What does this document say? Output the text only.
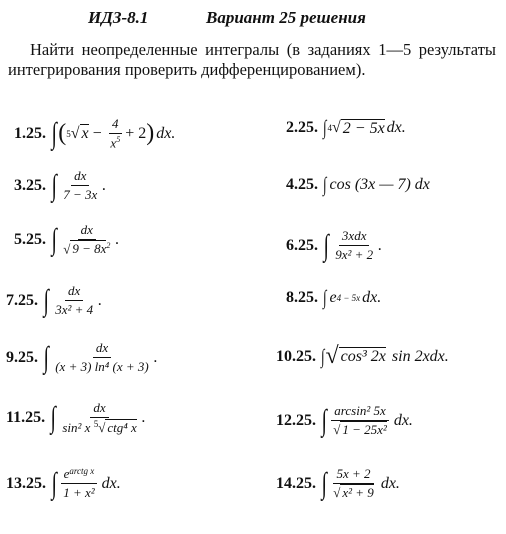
ИДЗ-8.1	Вариант 25 решения
Найти неопределенные интегралы (в заданиях 1—5 результаты интегрирования проверить дифференцированием).
1.25. ∫ ( 5 √ $x - \frac{4}{x^5} + 2$ ) dx.	2.25. ∫ 4 √ 2 − 5x dx.
3.25. ∫ $\frac{dx}{7 - 3x}$ .	4.25. ∫ cos (3x — 7) dx
5.25. ∫ $\frac{dx}{√ 9 - 8x^2}$ .	6.25. ∫ $\frac{\text{3xdx}}{\text{9x² + 2}}$ .
7.25. ∫ $\frac{dx}{\text{3x² + 4}}$ .	8.25. ∫ e 4 − 5x dx.
9.25. ∫ $\frac{dx}{\text{(x + 3) ln⁴ (x + 3)}}$ .	10.25. ∫ √ cos³ 2x sin 2xdx.
11.25. ∫ $\frac{dx}{\sin^2 x ^5√ ctg^4 x}$ .	12.25. ∫ $\frac{\text{arcsin² 5x}}{\text{√ 1 − 25x²}}$ dx.
13.25. ∫ $\frac{e^{arctg x}}{\text{1 + x²}}$ dx.	14.25. ∫ $\frac{5x + 2}{\text{√ x² + 9}}$ dx.
